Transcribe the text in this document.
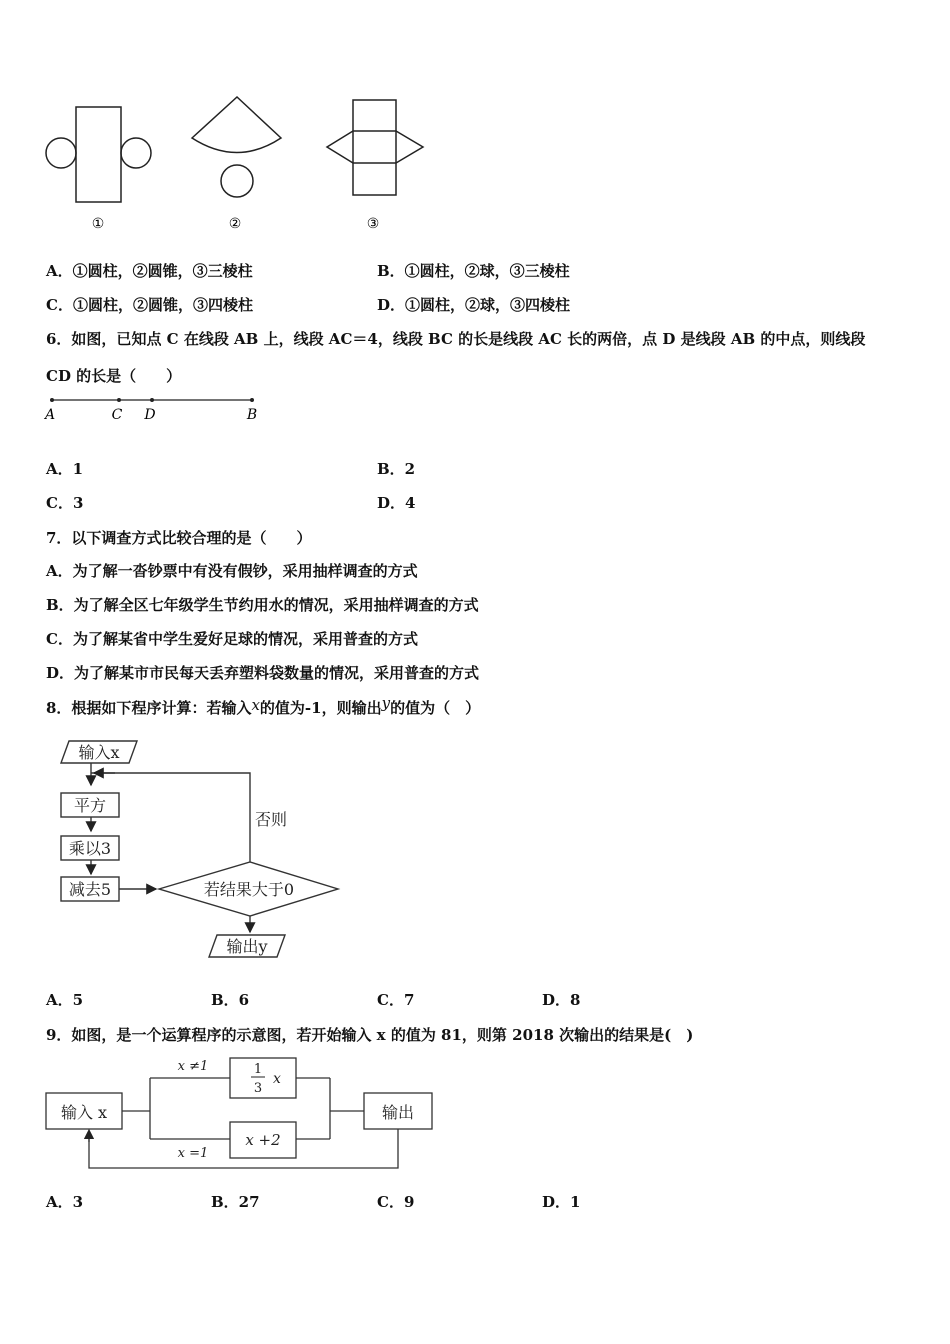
①	②	③
A．①圆柱，②圆锥，③三棱柱	B．①圆柱，②球，③三棱柱
C．①圆柱，②圆锥，③四棱柱	D．①圆柱，②球，③四棱柱
6．如图，已知点 C 在线段 AB 上，线段 AC＝4，线段 BC 的长是线段 AC 长的两倍，点 D 是线段 AB 的中点，则线段
CD 的长是（　　）
A	C D	B
A．1	B．2
C．3	D．4
7．以下调查方式比较合理的是（　　）
A．为了解一沓钞票中有没有假钞，采用抽样调查的方式
B．为了解全区七年级学生节约用水的情况，采用抽样调查的方式
C．为了解某省中学生爱好足球的情况，采用普查的方式
D．为了解某市市民每天丢弃塑料袋数量的情况，采用普查的方式
8．根据如下程序计算：若输入x的值为-1，则输出y的值为（　）
输入x
平方
乘以3
减去5	若结果大于0
否则
输出y
A．5	B．6	C．7	D．8
9．如图，是一个运算程序的示意图，若开始输入 x 的值为 81，则第 2018 次输出的结果是(　)
输入 x	输出
1
3
x
x +2
x ≠1
x =1
A．3	B．27	C．9	D．1
